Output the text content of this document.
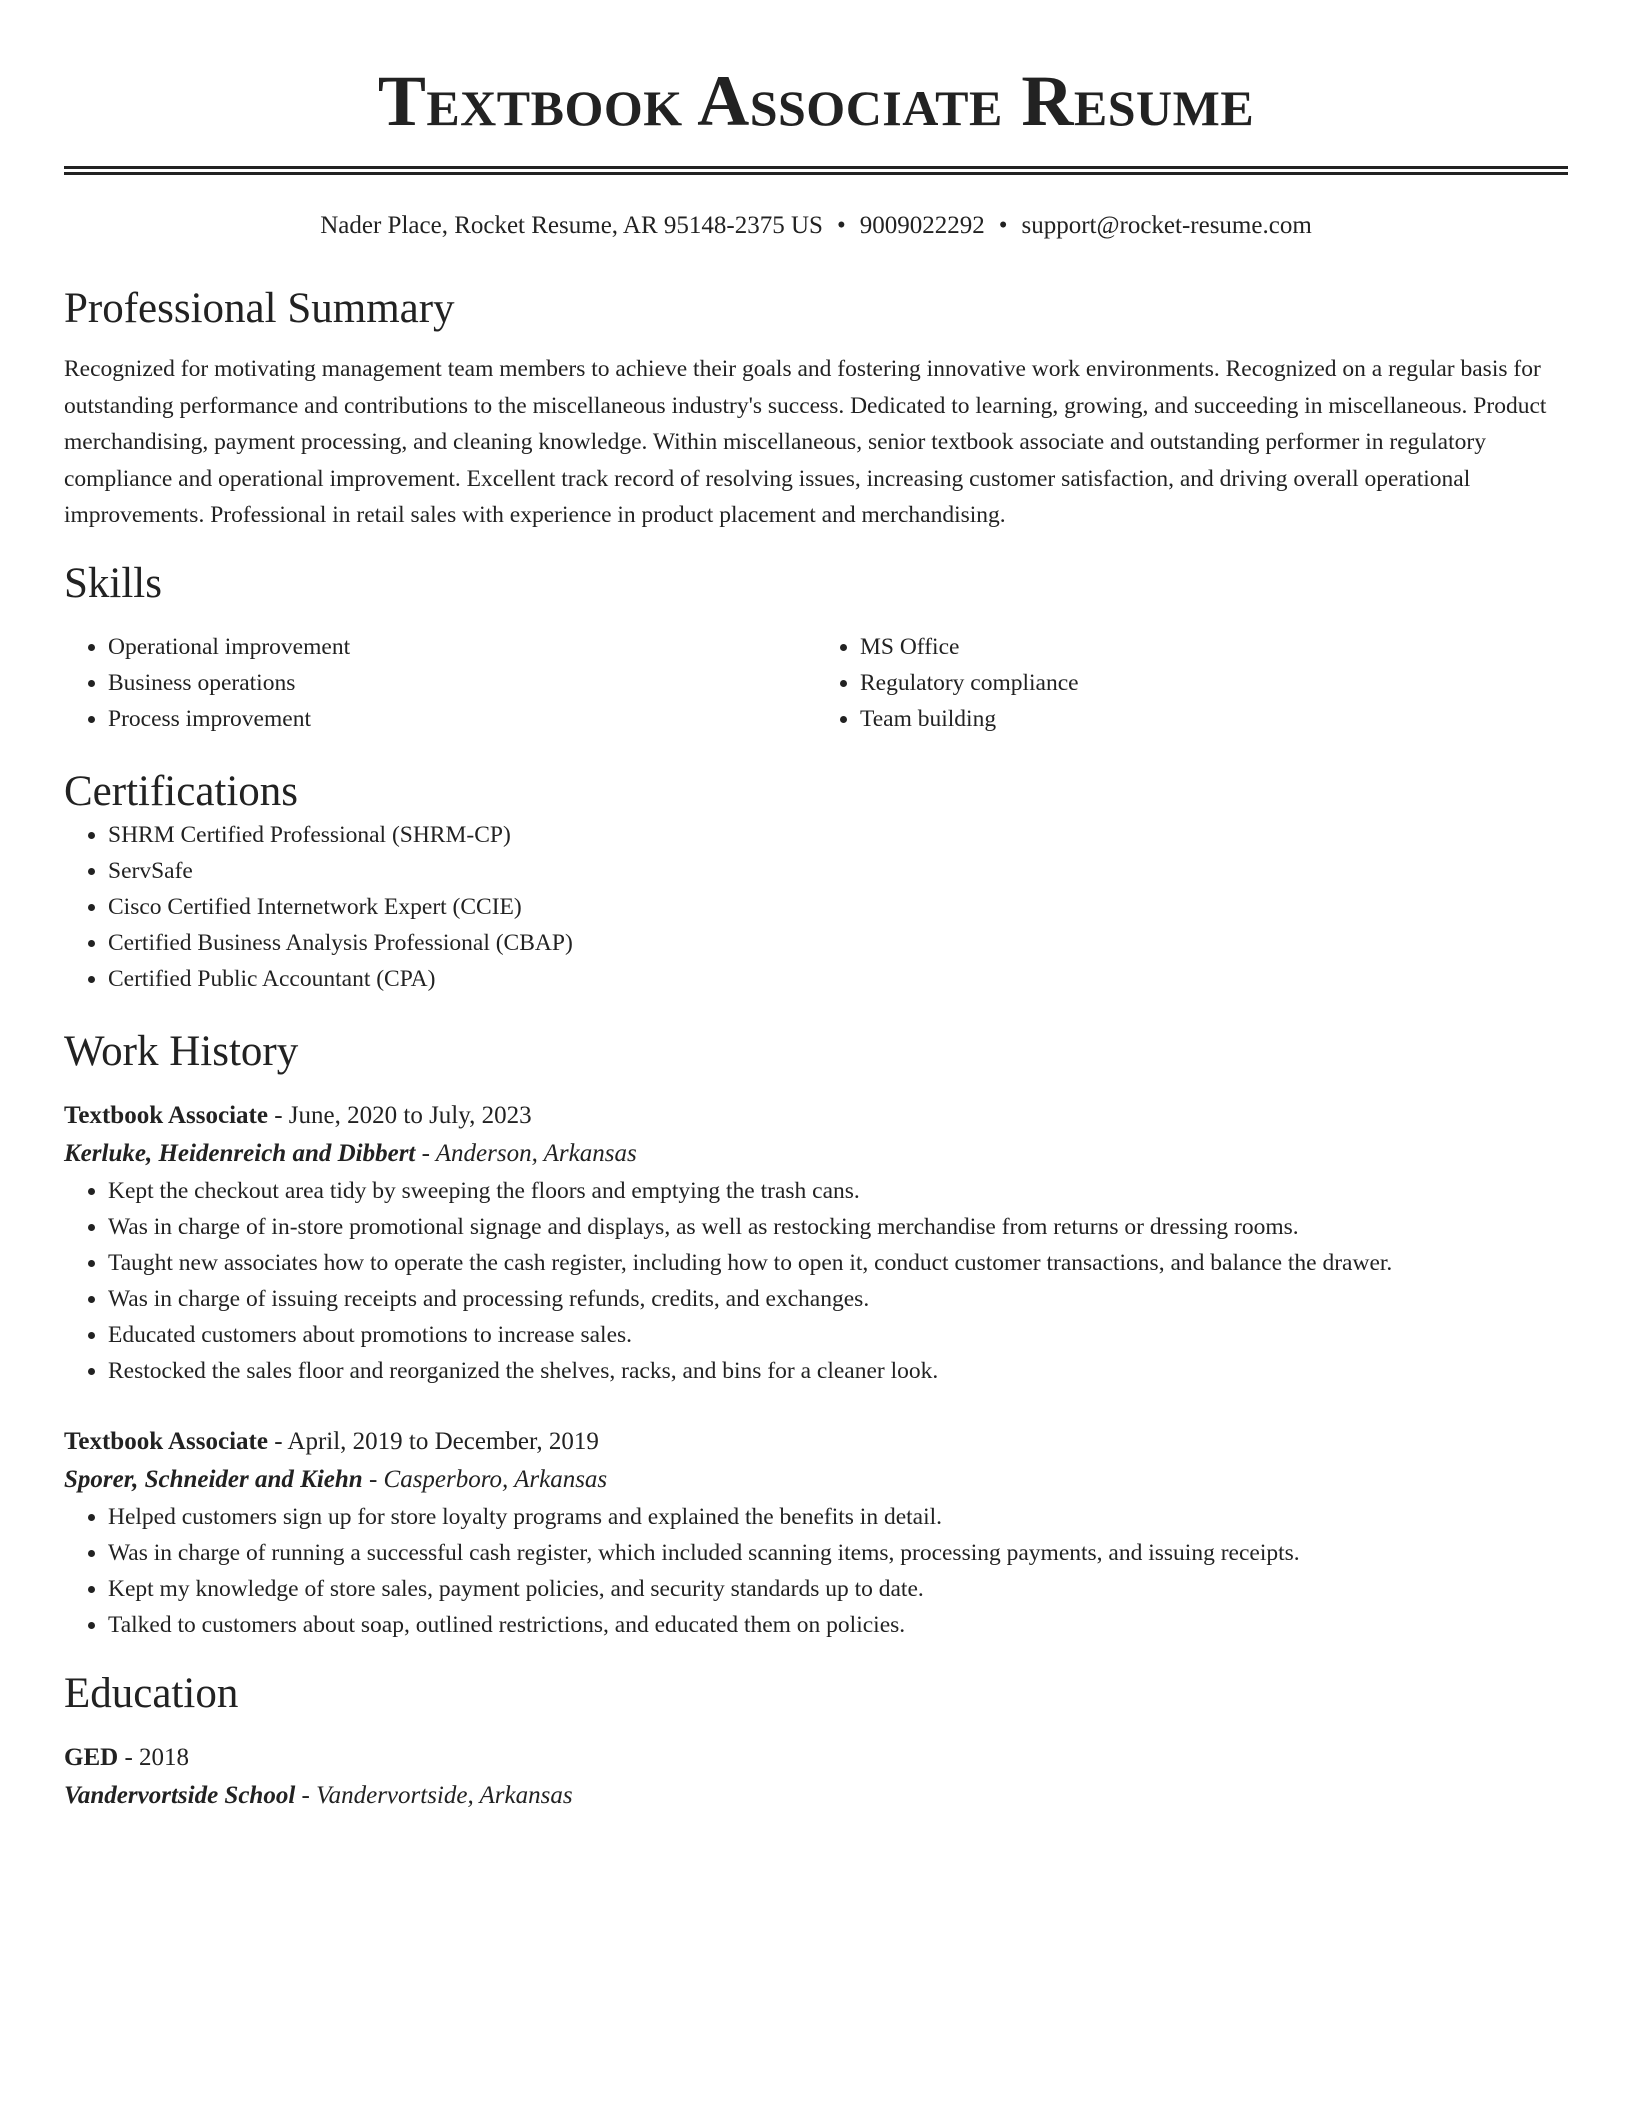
Textbook Associate Resume
Nader Place, Rocket Resume, AR 95148-2375 US • 9009022292 • support@rocket-resume.com
Professional Summary
Recognized for motivating management team members to achieve their goals and fostering innovative work environments. Recognized on a regular basis for outstanding performance and contributions to the miscellaneous industry's success. Dedicated to learning, growing, and succeeding in miscellaneous. Product merchandising, payment processing, and cleaning knowledge. Within miscellaneous, senior textbook associate and outstanding performer in regulatory compliance and operational improvement. Excellent track record of resolving issues, increasing customer satisfaction, and driving overall operational improvements. Professional in retail sales with experience in product placement and merchandising.
Skills
• Operational improvement
• Business operations
• Process improvement
• MS Office
• Regulatory compliance
• Team building
Certifications
• SHRM Certified Professional (SHRM-CP)
• ServSafe
• Cisco Certified Internetwork Expert (CCIE)
• Certified Business Analysis Professional (CBAP)
• Certified Public Accountant (CPA)
Work History
Textbook Associate - June, 2020 to July, 2023
Kerluke, Heidenreich and Dibbert - Anderson, Arkansas
• Kept the checkout area tidy by sweeping the floors and emptying the trash cans.
• Was in charge of in-store promotional signage and displays, as well as restocking merchandise from returns or dressing rooms.
• Taught new associates how to operate the cash register, including how to open it, conduct customer transactions, and balance the drawer.
• Was in charge of issuing receipts and processing refunds, credits, and exchanges.
• Educated customers about promotions to increase sales.
• Restocked the sales floor and reorganized the shelves, racks, and bins for a cleaner look.
Textbook Associate - April, 2019 to December, 2019
Sporer, Schneider and Kiehn - Casperboro, Arkansas
• Helped customers sign up for store loyalty programs and explained the benefits in detail.
• Was in charge of running a successful cash register, which included scanning items, processing payments, and issuing receipts.
• Kept my knowledge of store sales, payment policies, and security standards up to date.
• Talked to customers about soap, outlined restrictions, and educated them on policies.
Education
GED - 2018
Vandervortside School - Vandervortside, Arkansas
